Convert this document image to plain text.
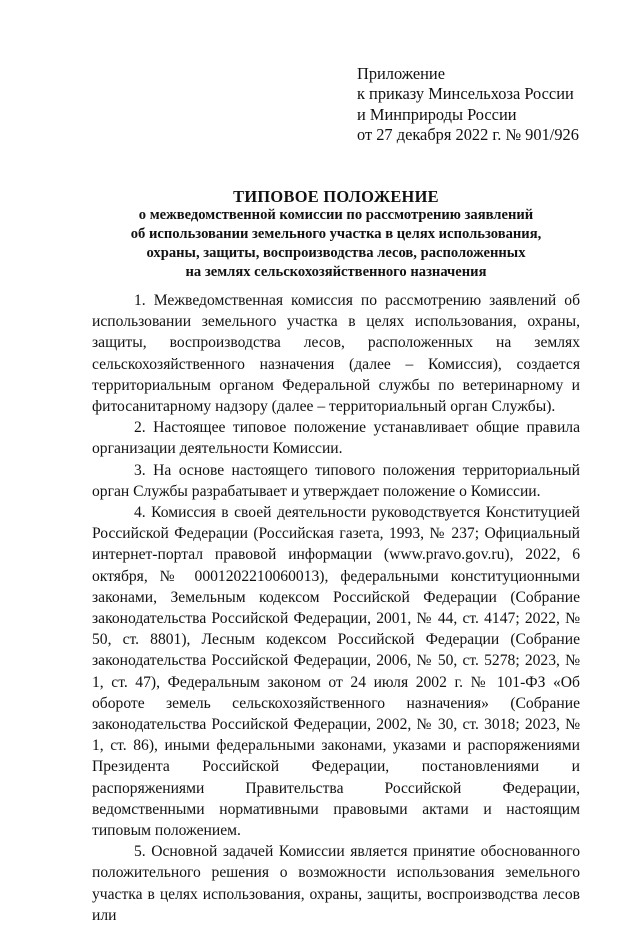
Приложение
к приказу Минсельхоза России
и Минприроды России
от 27 декабря 2022 г. № 901/926
ТИПОВОЕ ПОЛОЖЕНИЕ
о межведомственной комиссии по рассмотрению заявлений
об использовании земельного участка в целях использования,
охраны, защиты, воспроизводства лесов, расположенных
на землях сельскохозяйственного назначения

1. Межведомственная комиссия по рассмотрению заявлений об использовании земельного участка в целях использования, охраны, защиты, воспроизводства лесов, расположенных на землях сельскохозяйственного назначения (далее – Комиссия), создается территориальным органом Федеральной службы по ветеринарному и фитосанитарному надзору (далее – территориальный орган Службы).

2. Настоящее типовое положение устанавливает общие правила организации деятельности Комиссии.

3. На основе настоящего типового положения территориальный орган Службы разрабатывает и утверждает положение о Комиссии.

4. Комиссия в своей деятельности руководствуется Конституцией Российской Федерации (Российская газета, 1993, № 237; Официальный интернет-портал правовой информации (www.pravo.gov.ru), 2022, 6 октября, № 0001202210060013), федеральными конституционными законами, Земельным кодексом Российской Федерации (Собрание законодательства Российской Федерации, 2001, № 44, ст. 4147; 2022, № 50, ст. 8801), Лесным кодексом Российской Федерации (Собрание законодательства Российской Федерации, 2006, № 50, ст. 5278; 2023, № 1, ст. 47), Федеральным законом от 24 июля 2002 г. № 101-ФЗ «Об обороте земель сельскохозяйственного назначения» (Собрание законодательства Российской Федерации, 2002, № 30, ст. 3018; 2023, № 1, ст. 86), иными федеральными законами, указами и распоряжениями Президента Российской Федерации, постановлениями и распоряжениями Правительства Российской Федерации, ведомственными нормативными правовыми актами и настоящим типовым положением.

5. Основной задачей Комиссии является принятие обоснованного положительного решения о возможности использования земельного участка в целях использования, охраны, защиты, воспроизводства лесов или
